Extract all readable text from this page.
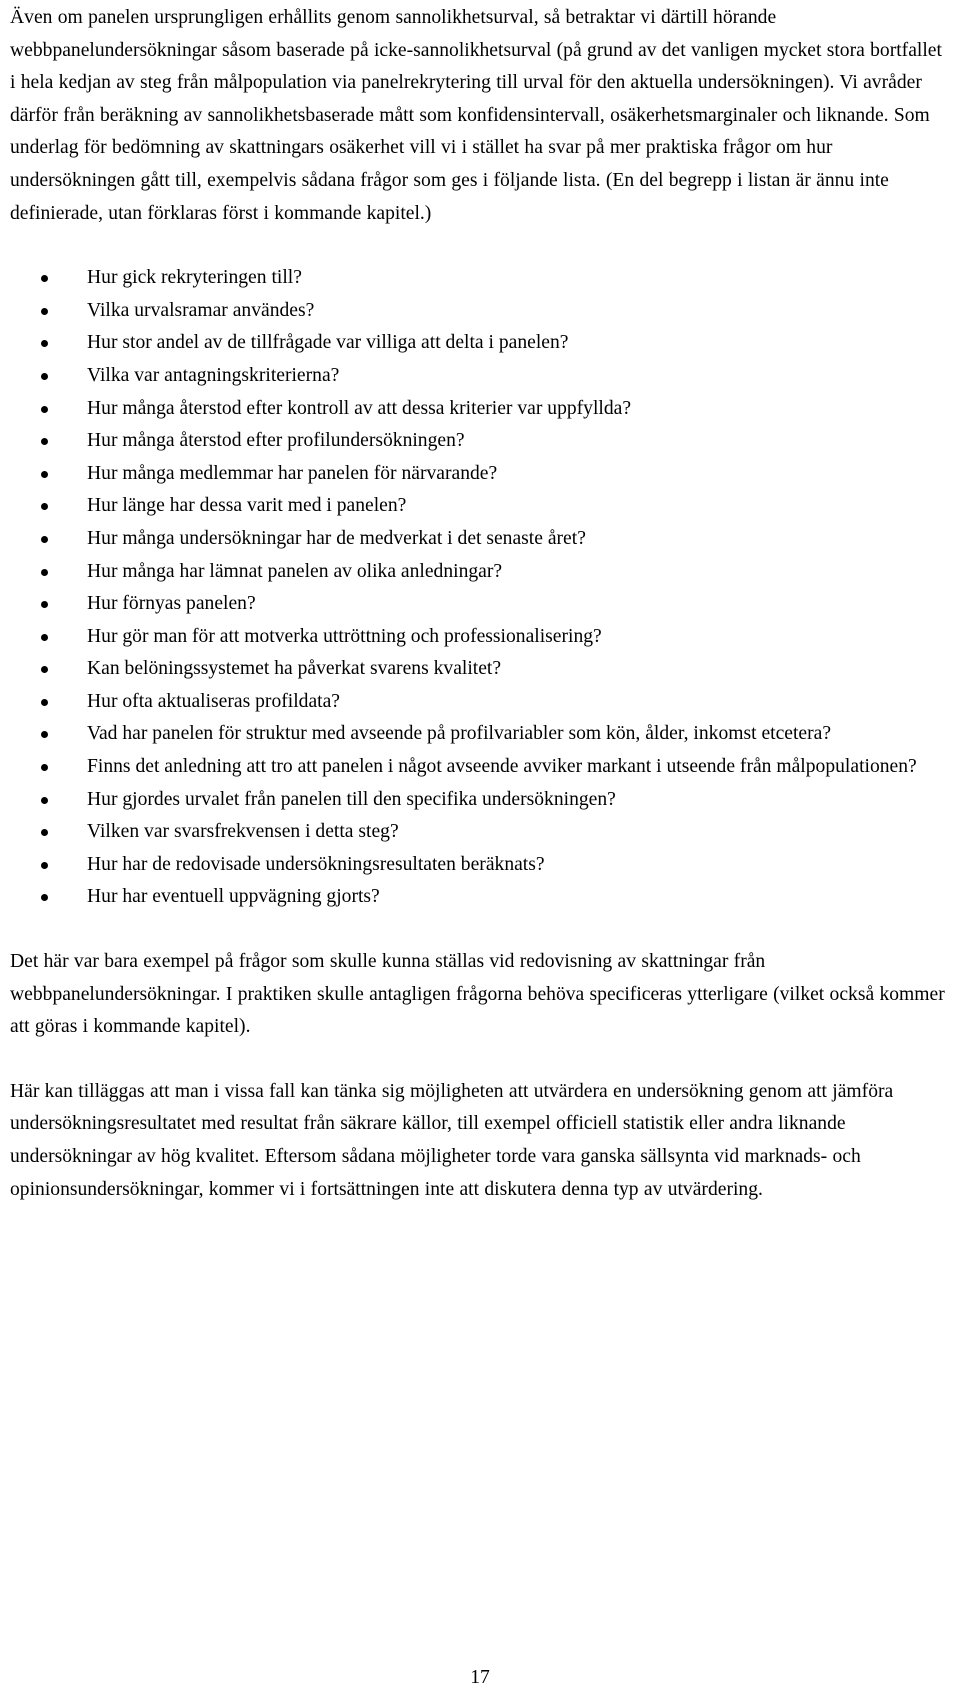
Även om panelen ursprungligen erhållits genom sannolikhetsurval, så betraktar vi därtill hörande webbpanelundersökningar såsom baserade på icke-sannolikhetsurval (på grund av det vanligen mycket stora bortfallet i hela kedjan av steg från målpopulation via panelrekrytering till urval för den aktuella undersökningen). Vi avråder därför från beräkning av sannolikhetsbaserade mått som konfidensintervall, osäkerhetsmarginaler och liknande. Som underlag för bedömning av skattningars osäkerhet vill vi i stället ha svar på mer praktiska frågor om hur undersökningen gått till, exempelvis sådana frågor som ges i följande lista. (En del begrepp i listan är ännu inte definierade, utan förklaras först i kommande kapitel.)

Hur gick rekryteringen till?
Vilka urvalsramar användes?
Hur stor andel av de tillfrågade var villiga att delta i panelen?
Vilka var antagningskriterierna?
Hur många återstod efter kontroll av att dessa kriterier var uppfyllda?
Hur många återstod efter profilundersökningen?
Hur många medlemmar har panelen för närvarande?
Hur länge har dessa varit med i panelen?
Hur många undersökningar har de medverkat i det senaste året?
Hur många har lämnat panelen av olika anledningar?
Hur förnyas panelen?
Hur gör man för att motverka uttröttning och professionalisering?
Kan belöningssystemet ha påverkat svarens kvalitet?
Hur ofta aktualiseras profildata?
Vad har panelen för struktur med avseende på profilvariabler som kön, ålder, inkomst etcetera?
Finns det anledning att tro att panelen i något avseende avviker markant i utseende från målpopulationen?
Hur gjordes urvalet från panelen till den specifika undersökningen?
Vilken var svarsfrekvensen i detta steg?
Hur har de redovisade undersökningsresultaten beräknats?
Hur har eventuell uppvägning gjorts?

Det här var bara exempel på frågor som skulle kunna ställas vid redovisning av skattningar från webbpanelundersökningar. I praktiken skulle antagligen frågorna behöva specificeras ytterligare (vilket också kommer att göras i kommande kapitel).

Här kan tilläggas att man i vissa fall kan tänka sig möjligheten att utvärdera en undersökning genom att jämföra undersökningsresultatet med resultat från säkrare källor, till exempel officiell statistik eller andra liknande undersökningar av hög kvalitet. Eftersom sådana möjligheter torde vara ganska sällsynta vid marknads- och opinionsundersökningar, kommer vi i fortsättningen inte att diskutera denna typ av utvärdering.

17
